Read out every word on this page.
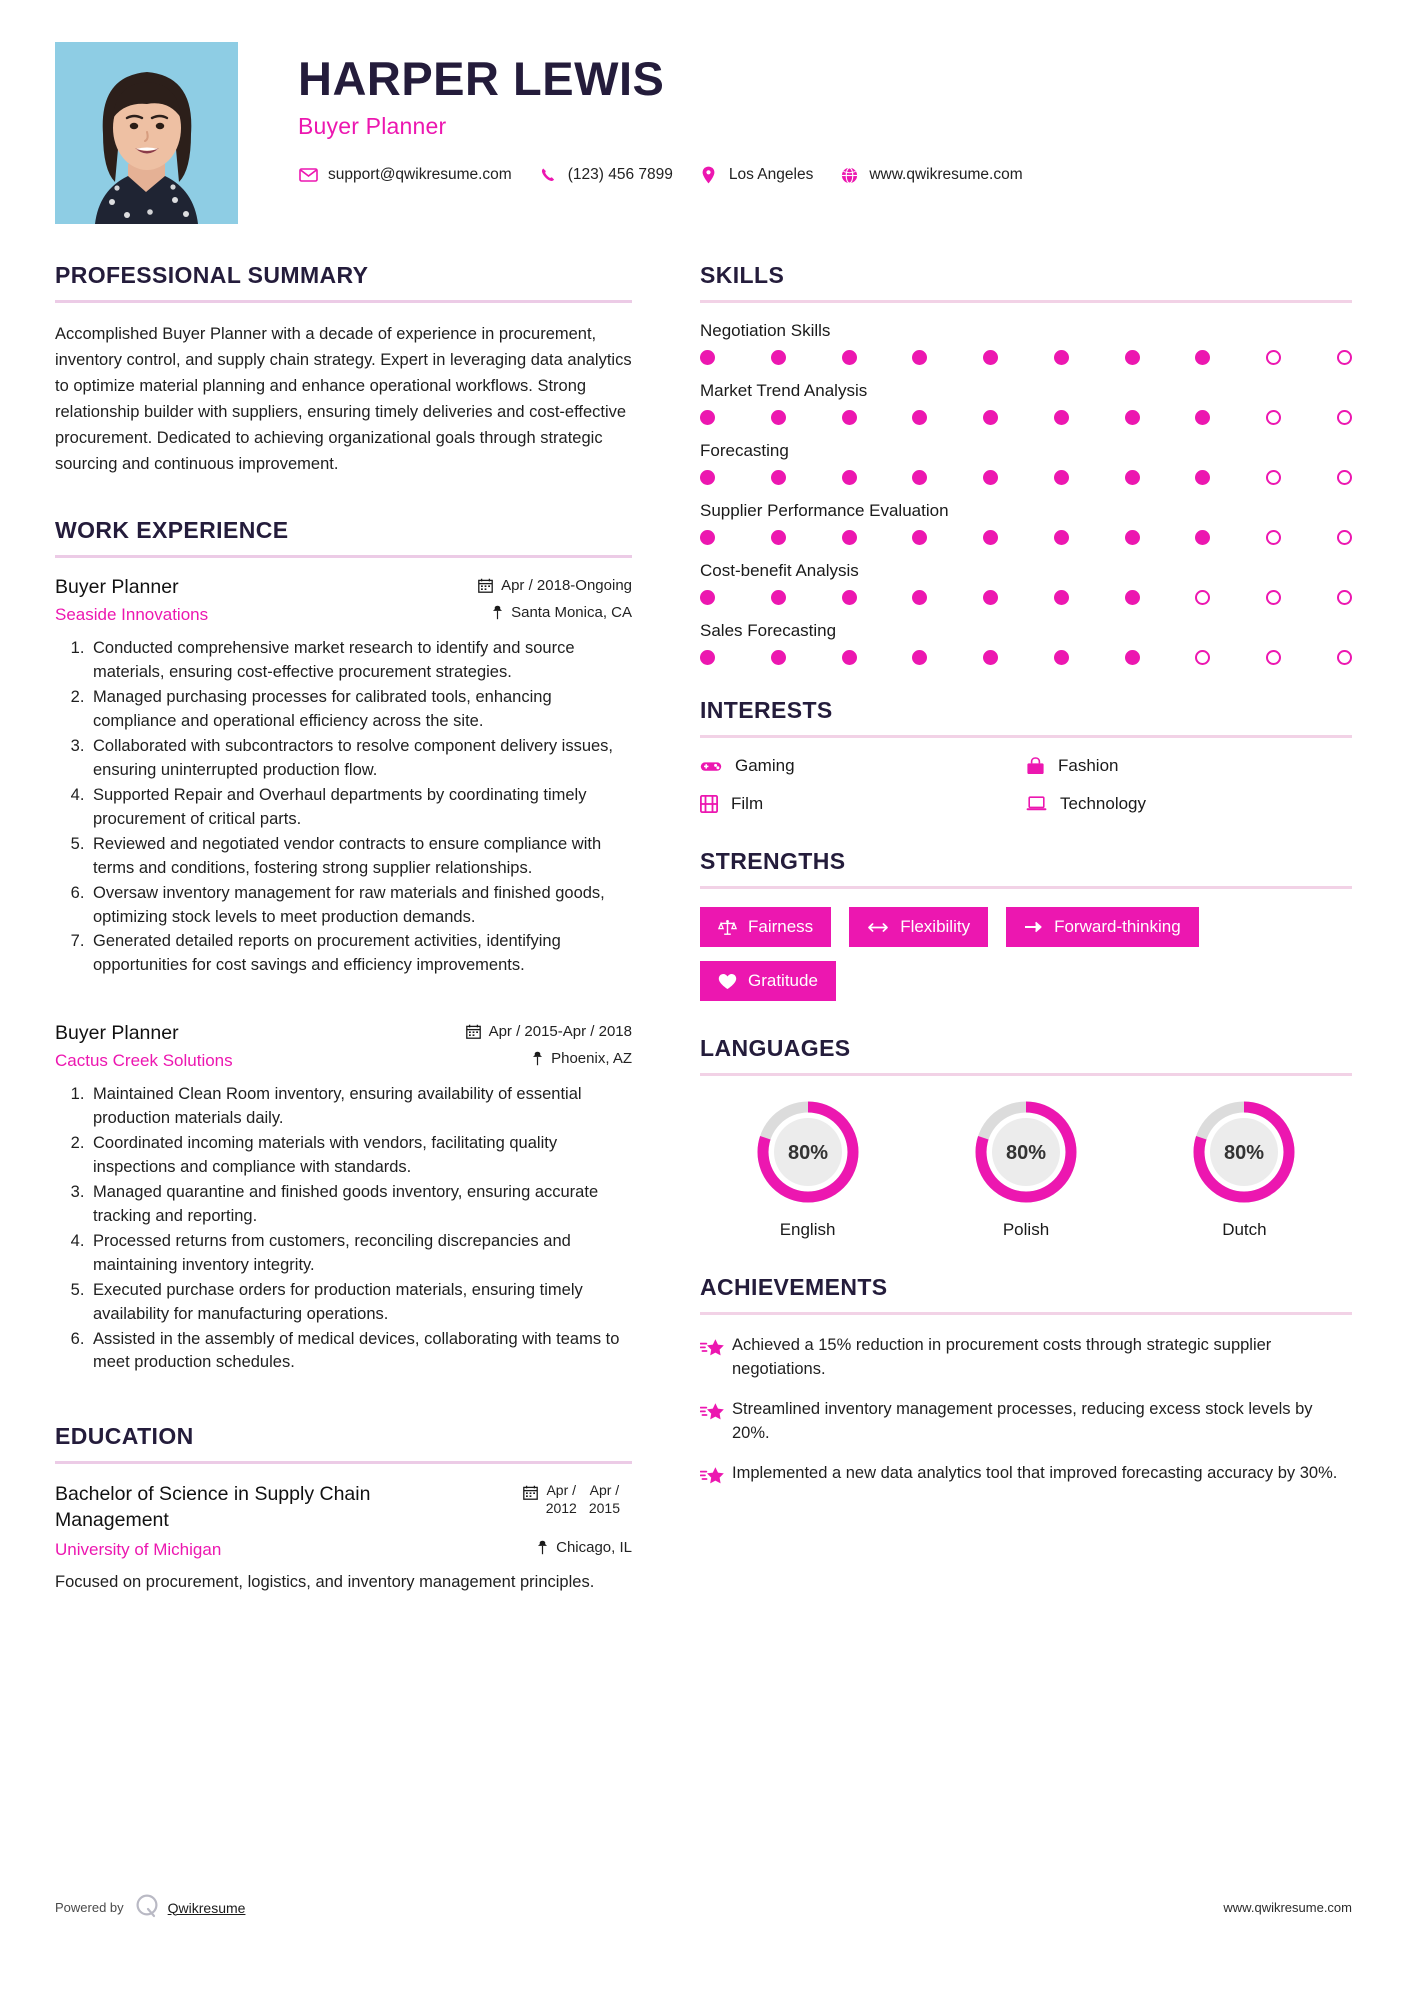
HARPER LEWIS
Buyer Planner
support@qwikresume.com	(123) 456 7899	Los Angeles	www.qwikresume.com
PROFESSIONAL SUMMARY
Accomplished Buyer Planner with a decade of experience in procurement, inventory control, and supply chain strategy. Expert in leveraging data analytics to optimize material planning and enhance operational workflows. Strong relationship builder with suppliers, ensuring timely deliveries and cost-effective procurement. Dedicated to achieving organizational goals through strategic sourcing and continuous improvement.
WORK EXPERIENCE
Buyer Planner	Apr / 2018-Ongoing
Seaside Innovations	Santa Monica, CA
1. Conducted comprehensive market research to identify and source materials, ensuring cost-effective procurement strategies.
2. Managed purchasing processes for calibrated tools, enhancing compliance and operational efficiency across the site.
3. Collaborated with subcontractors to resolve component delivery issues, ensuring uninterrupted production flow.
4. Supported Repair and Overhaul departments by coordinating timely procurement of critical parts.
5. Reviewed and negotiated vendor contracts to ensure compliance with terms and conditions, fostering strong supplier relationships.
6. Oversaw inventory management for raw materials and finished goods, optimizing stock levels to meet production demands.
7. Generated detailed reports on procurement activities, identifying opportunities for cost savings and efficiency improvements.
Buyer Planner	Apr / 2015-Apr / 2018
Cactus Creek Solutions	Phoenix, AZ
1. Maintained Clean Room inventory, ensuring availability of essential production materials daily.
2. Coordinated incoming materials with vendors, facilitating quality inspections and compliance with standards.
3. Managed quarantine and finished goods inventory, ensuring accurate tracking and reporting.
4. Processed returns from customers, reconciling discrepancies and maintaining inventory integrity.
5. Executed purchase orders for production materials, ensuring timely availability for manufacturing operations.
6. Assisted in the assembly of medical devices, collaborating with teams to meet production schedules.
EDUCATION
Bachelor of Science in Supply Chain Management
Apr /
2012
Apr /
2015
University of Michigan	Chicago, IL
Focused on procurement, logistics, and inventory management principles.
SKILLS
Negotiation Skills
Market Trend Analysis
Forecasting
Supplier Performance Evaluation
Cost-benefit Analysis
Sales Forecasting
INTERESTS
Gaming	Fashion
Film	Technology
STRENGTHS
Fairness	Flexibility	Forward-thinking
Gratitude
LANGUAGES
80%
English
80%
Polish
80%
Dutch
ACHIEVEMENTS
Achieved a 15% reduction in procurement costs through strategic supplier negotiations.
Streamlined inventory management processes, reducing excess stock levels by 20%.
Implemented a new data analytics tool that improved forecasting accuracy by 30%.
Powered by	Qwikresume	www.qwikresume.com
